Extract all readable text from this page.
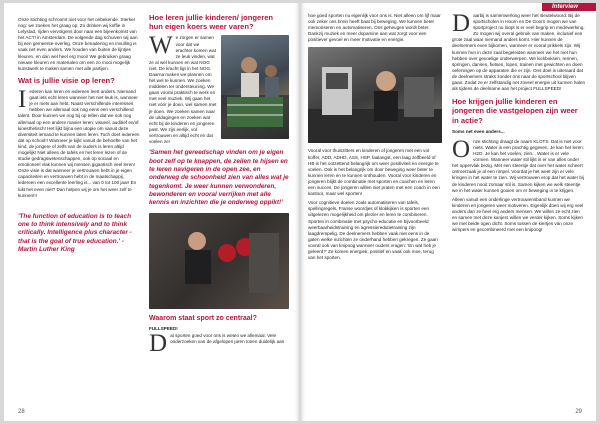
Onze stichting schroomt niet voor het onbekende. Sterker nog: we zoeken het graag op. Zo drinken wij koffie in Lelystad, rijden vervolgens door naar een bijeenkomst van het ACT! in Amsterdam. De volgende dag schuiven wij aan bij een gemeente-overleg. Onze benadering en invulling is vaak net even anders. We houden van buiten de lijntjes kleuren, en dan wel heel erg mooi! We gebruiken graag nieuwe kleuren en materialen om een zo mooi mogelijk kunstwerk te maken samen met alle partijen.

Wat is jullie visie op leren?

Iederen kan leren en iedereen leert anders. Niemand gaat iets echt leren wanneer het niet leuk is, wanneer je er niets aan hebt. Naast verschillende interesses hebben we allemaal ook nog eens een verschillend talent. Door kunnen we nog bij op tellen dat we ook nog allemaal op een andere manier leren: visueel, auditief en/of kinesthetisch! Het lijkt bijna een utopie om vanuit deze diversiteit iemand te kunnen laten leren. Toch doet iedereen dat op school!! Wanneer je kijkt vanuit de behoefte van het kind, de jongere of zelfs van de ouders is leren altijd mogelijk! Niet alleen de tafels en het leren lezen of de studie gedragswetenschappen, ook op sociaal en emotioneel vlak kunnen wij mensen gigantisch veel leren! Onze visie is dat wanneer je vertrouwen hebt in je eigen capaciteiten en vertrouwen hebt in de maatschappij, iedereen een excellente leerling is... van 0 tot 100 jaar! En lukt het even niet? Dan helpen wij je om het weer zelf te kunnen!!!

'The function of education is to teach one to think intensively and to think critically. Intelligence plus character - that is the goal of true education.' - Martin Luther King
Hoe leren jullie kinderen/ jongeren hun eigen koers weer varen?
We zorgen er samen voor dat we erachter komen wat ze leuk vinden, wat ze al wel kunnen en wat NOG niet. De kracht ligt in het NOG. Daarna maken we plannen om het wel te kunnen. We zoeken middelen ter ondersteuning. We gaan vooral praktisch te werk en met veel muziek. Wij gaan het niet vóór je doen, wel samen met je doen. We zoeken samen naar de uitdagingen en zoeken wat echt bij de kinderen en jongeren past. We zijn eerlijk, vol vertrouwen en altijd echt en dat voelen ze!
'Samen het gereedschap vinden om je eigen boot zelf op te knappen, de zeilen te hijsen en te leren navigeren in de open zee, en onderweg de schoonheid zien van alles wat je tegenkomt. Je weer kunnen verwonderen, bewonderen en vooral verrijken met alle kennis en inzichten die je onderweg oppikt!'
Waarom staat sport zo centraal?
FULLSPEED!

Dat sporten goed voor ons is weten we allemaal. Vele onderzoeken van de afgelopen jaren tonen duidelijk aan

28
Interview

hoe goed sporten nu eigenlijk voor ons is. Niet alleen om lijf maar ook zeker ons brein heeft baat bij beweging. We kunnen beter memoriseren en automatiseren. Ons geheugen wordt beter. Dankzij muziek en meer dopamine aan wat zorgt voor een positiever gevoel en meer motivatie en energie.

Vooral voor thuiszitters en kinderen of jongeren met een vol koffer, ADD, ADHD, ASS, HSP, faalangst, een laag zelfbeeld of HB is het ontzettend belangrijk om weer positiviteit en energie te voelen. Ook is het belangrijk om door beweging weer beter te kunnen leren en te kunnen onthouden. Vooral voor kinderen en jongeren blijkt de combinatie met sporten en coachen en leren een succes. De jongeren willen niet praten met een coach in een kantoor, maar wel sporten!

Voor cognitieve doelen zoals automatiseren van tafels, spellingregels, Franse woordjes of klokkijken is sporten een uitgelezen mogelijkheid om plezier en leren te combineren. Sporten in combinatie met psycho-educatie en bijvoorbeeld weerbaarheidstraining en agressieredutietraining zijn laagdrempelig. De deelnemers hebben vaak niet eens in de gaten welke inzichten ze onderhand hebben gekregen. Ze gaan vooral ook van knipoog wanneer ouders vragen: 'En wat heb je geleerd?' Ze komen energiek, positief en vaak ook moe, terug van het sporten.

Daarbij is samenwerking weer het sleutelwoord. Bij de sportscholen in Hoorn en De Goorn mogen we van sportproject nu loopt is er veel begrip en medewerking. Zo mogen wij overal gebruik van maken, inclusief een grote zaal waar niemand anders komt. Hier kunnen de deelnemers even bijkomen, wanneer er vooral prikkels zijn. Wij kunnen hun in deze zaal begeleiden wanneer we het niet hun hebben over gevoelige onderwerpen. We kickboksen, rennen, springen, dansen, fietsen, lopen, trainen met gewichten en doen oefeningen op de apparaten die er zijn. Ons doel is uiteraard dat de deelnemers straks zonder ons naar de sportschool blijven gaan. Zodat ze er zelfstandig net zoveel energie uit kunnen halen als tijdens de deelname aan het project FULLSPEED!

Hoe krijgen jullie kinderen en jongeren die vastgelopen zijn weer in actie?
Soms net even anders...

Onze stichting draagt de naam KLOTS. Dat is niet voor niets. Water is een prachtig gegeven. Je kan het leren: H2O. Je kan het voelen, zien... Water is er vele vormen. Wanneer water stil lijkt is er van alles onder het oppervlak bezig. Met een steentje dat over het water scheert ontroerzaak je al een rimpel. Voordat je het weet zijn er vele kringen in het water te zien. Wij vertrouwen erop dat het water bij de kinderen nooit zomaar stil is. Samen kijken we welk steentje we in het water kunnen gooien om er beweging in te krijgen.

Alleen vanuit een onderlinge vertrouwensband kunnen we kinderen en jongeren weer motiveren. Eigenlijk doen wij erg veel anders dan ze heel erg anders mensen. We willen ze echt zien en samen met deze kanjers willen we verder kijken. Soms kijken we met beide ogen dicht. Soms tussen de kiertjes van onze wimpers en gecombineerd met een knipoog!

29
